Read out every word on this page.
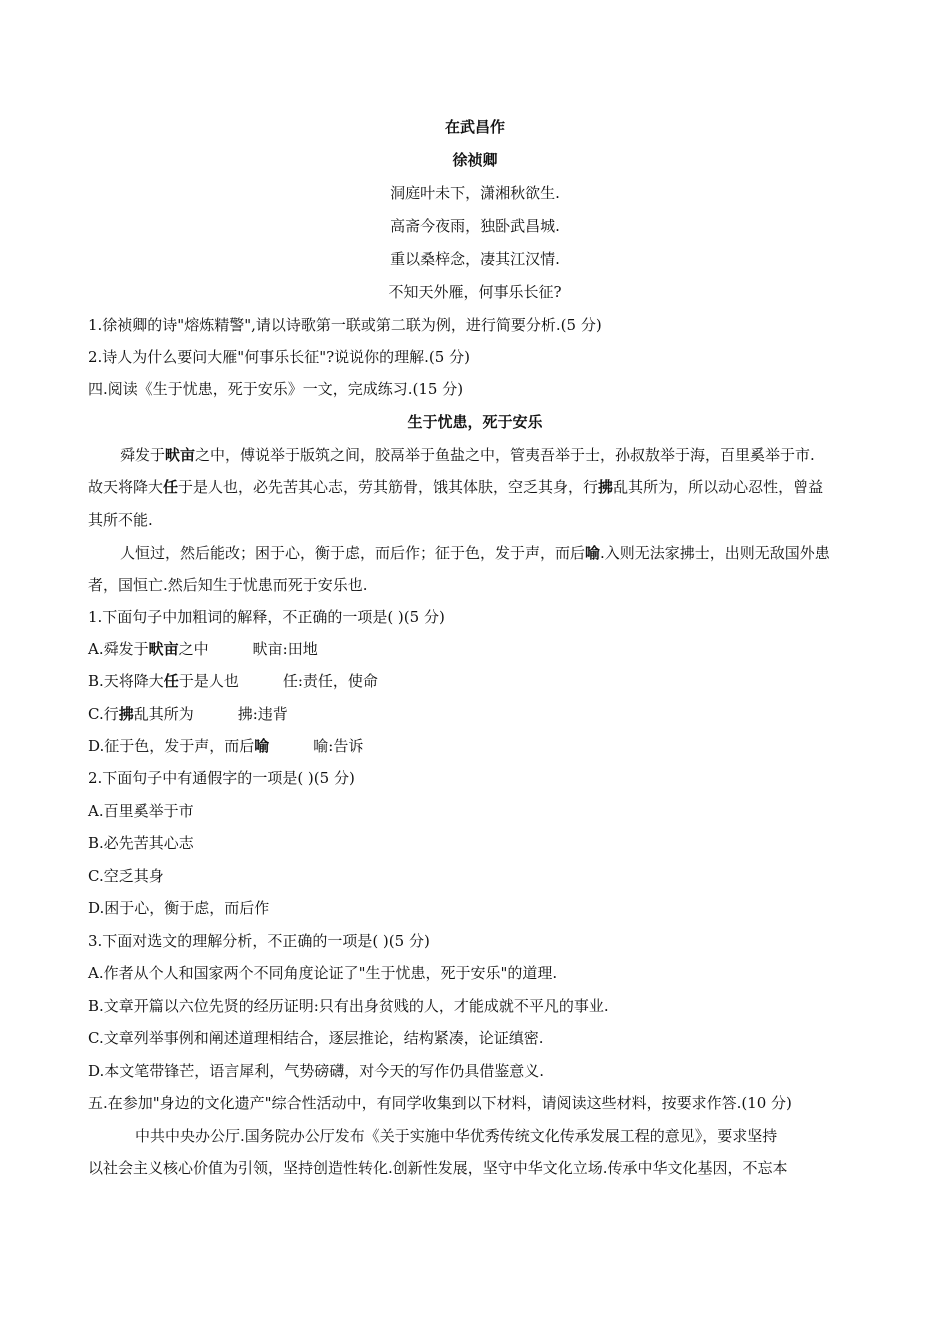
在武昌作
徐祯卿
洞庭叶未下，潇湘秋欲生.
高斋今夜雨，独卧武昌城.
重以桑梓念，凄其江汉情.
不知天外雁，何事乐长征?
1.徐祯卿的诗"熔炼精警",请以诗歌第一联或第二联为例，进行简要分析.(5 分)
2.诗人为什么要问大雁"何事乐长征"?说说你的理解.(5 分)
四.阅读《生于忧患，死于安乐》一文，完成练习.(15 分)
生于忧患，死于安乐
舜发于畎亩之中，傅说举于版筑之间，胶鬲举于鱼盐之中，管夷吾举于士，孙叔敖举于海，百里奚举于市.
故天将降大任于是人也，必先苦其心志，劳其筋骨，饿其体肤，空乏其身，行拂乱其所为，所以动心忍性，曾益
其所不能.
人恒过，然后能改；困于心，衡于虑，而后作；征于色，发于声，而后喻.入则无法家拂士，出则无敌国外患
者，国恒亡.然后知生于忧患而死于安乐也.
1.下面句子中加粗词的解释，不正确的一项是( )(5 分)
A.舜发于畎亩之中	畎亩:田地
B.天将降大任于是人也	任:责任，使命
C.行拂乱其所为	拂:违背
D.征于色，发于声，而后喻	喻:告诉
2.下面句子中有通假字的一项是( )(5 分)
A.百里奚举于市
B.必先苦其心志
C.空乏其身
D.困于心，衡于虑，而后作
3.下面对选文的理解分析，不正确的一项是( )(5 分)
A.作者从个人和国家两个不同角度论证了"生于忧患，死于安乐"的道理.
B.文章开篇以六位先贤的经历证明:只有出身贫贱的人，才能成就不平凡的事业.
C.文章列举事例和阐述道理相结合，逐层推论，结构紧凑，论证缜密.
D.本文笔带锋芒，语言犀利，气势磅礴，对今天的写作仍具借鉴意义.
五.在参加"身边的文化遗产"综合性活动中，有同学收集到以下材料，请阅读这些材料，按要求作答.(10 分)
中共中央办公厅.国务院办公厅发布《关于实施中华优秀传统文化传承发展工程的意见》，要求坚持
以社会主义核心价值为引领，坚持创造性转化.创新性发展，坚守中华文化立场.传承中华文化基因，不忘本
